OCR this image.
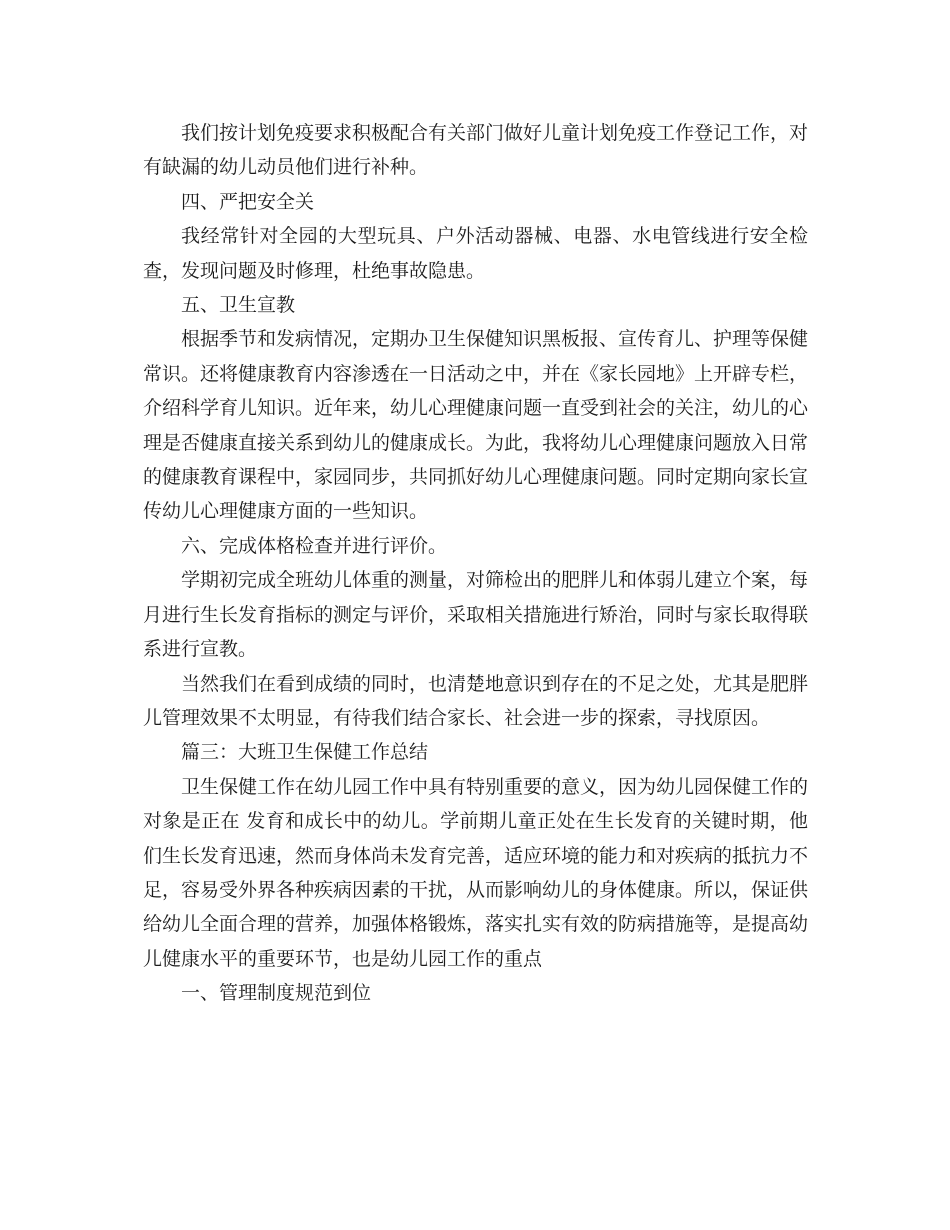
我们按计划免疫要求积极配合有关部门做好儿童计划免疫工作登记工作，对有缺漏的幼儿动员他们进行补种。

四、严把安全关

我经常针对全园的大型玩具、户外活动器械、电器、水电管线进行安全检查，发现问题及时修理，杜绝事故隐患。

五、卫生宣教

根据季节和发病情况，定期办卫生保健知识黑板报、宣传育儿、护理等保健常识。还将健康教育内容渗透在一日活动之中，并在《家长园地》上开辟专栏，介绍科学育儿知识。近年来，幼儿心理健康问题一直受到社会的关注，幼儿的心理是否健康直接关系到幼儿的健康成长。为此，我将幼儿心理健康问题放入日常的健康教育课程中，家园同步，共同抓好幼儿心理健康问题。同时定期向家长宣传幼儿心理健康方面的一些知识。

六、完成体格检查并进行评价。

学期初完成全班幼儿体重的测量，对筛检出的肥胖儿和体弱儿建立个案，每月进行生长发育指标的测定与评价，采取相关措施进行矫治，同时与家长取得联系进行宣教。

当然我们在看到成绩的同时，也清楚地意识到存在的不足之处，尤其是肥胖儿管理效果不太明显，有待我们结合家长、社会进一步的探索，寻找原因。

篇三：大班卫生保健工作总结

卫生保健工作在幼儿园工作中具有特别重要的意义，因为幼儿园保健工作的对象是正在 发育和成长中的幼儿。学前期儿童正处在生长发育的关键时期，他们生长发育迅速，然而身体尚未发育完善，适应环境的能力和对疾病的抵抗力不足，容易受外界各种疾病因素的干扰，从而影响幼儿的身体健康。所以，保证供给幼儿全面合理的营养，加强体格锻炼，落实扎实有效的防病措施等，是提高幼儿健康水平的重要环节，也是幼儿园工作的重点

一、管理制度规范到位
